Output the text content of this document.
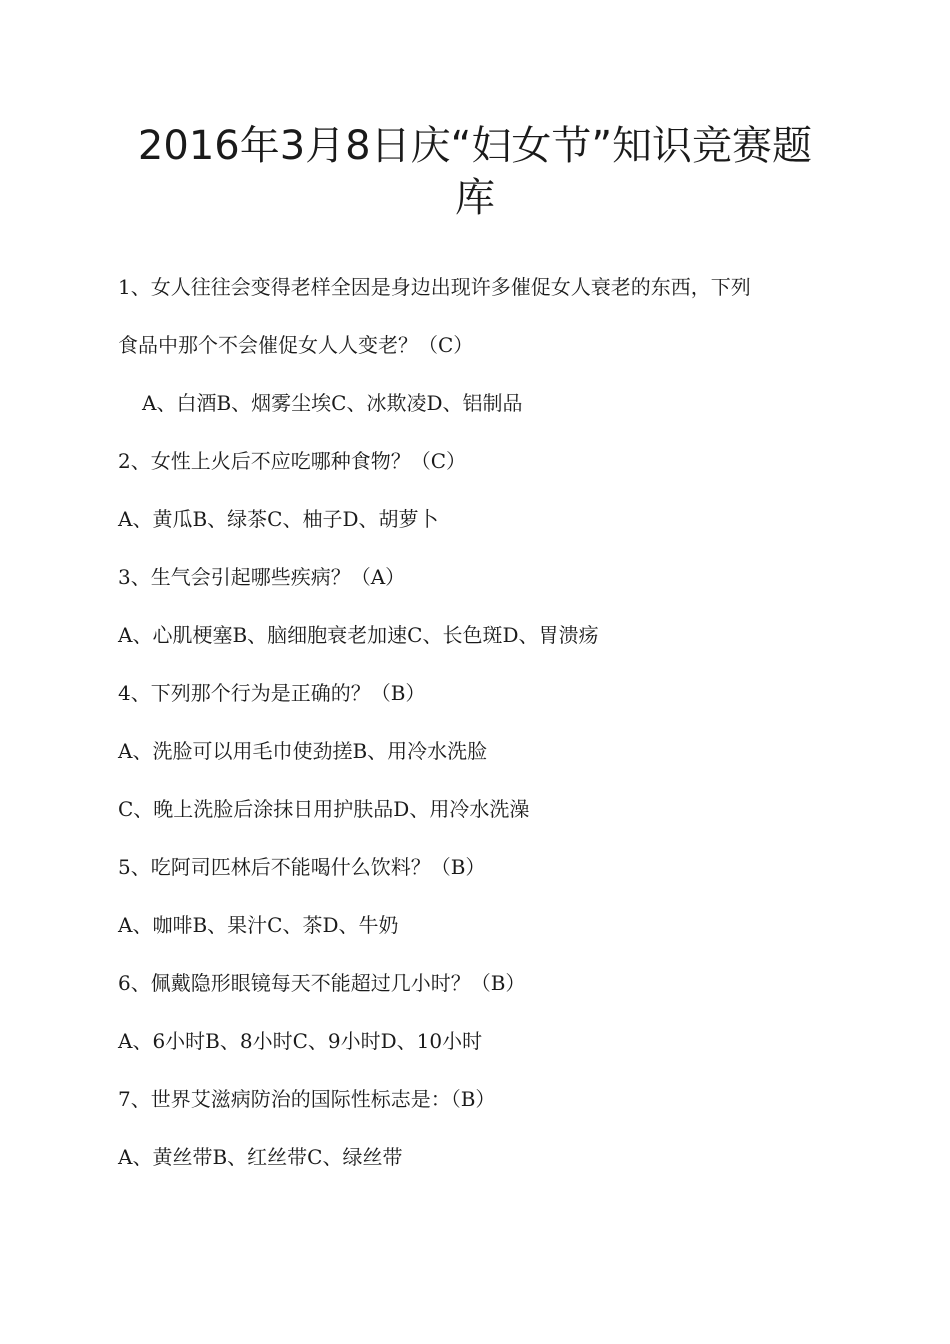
2016年3月8日庆“妇女节”知识竞赛题
库

1、女人往往会变得老样全因是身边出现许多催促女人衰老的东西，下列

食品中那个不会催促女人人变老？（C）

A、白酒B、烟雾尘埃C、冰欺凌D、铝制品

2、女性上火后不应吃哪种食物？（C）

A、黄瓜B、绿茶C、柚子D、胡萝卜

3、生气会引起哪些疾病？（A）

A、心肌梗塞B、脑细胞衰老加速C、长色斑D、胃溃疡

4、下列那个行为是正确的？（B）

A、洗脸可以用毛巾使劲搓B、用冷水洗脸

C、晚上洗脸后涂抹日用护肤品D、用冷水洗澡

5、吃阿司匹林后不能喝什么饮料？（B）

A、咖啡B、果汁C、茶D、牛奶

6、佩戴隐形眼镜每天不能超过几小时？（B）

A、6小时B、8小时C、9小时D、10小时

7、世界艾滋病防治的国际性标志是：（B）

A、黄丝带B、红丝带C、绿丝带
